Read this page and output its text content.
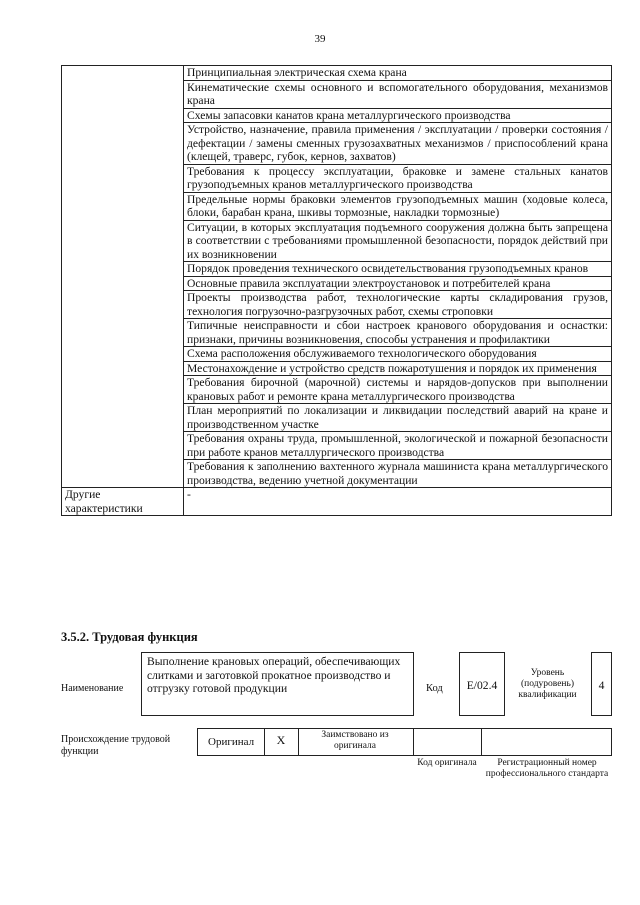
39
	Принципиальная электрическая схема крана
	Кинематические схемы основного и вспомогательного оборудования, механизмов крана
	Схемы запасовки канатов крана металлургического производства
	Устройство, назначение, правила применения / эксплуатации / проверки состояния / дефектации / замены сменных грузозахватных механизмов / приспособлений крана (клещей, траверс, губок, кернов, захватов)
	Требования к процессу эксплуатации, браковке и замене стальных канатов грузоподъемных кранов металлургического производства
	Предельные нормы браковки элементов грузоподъемных машин (ходовые колеса, блоки, барабан крана, шкивы тормозные, накладки тормозные)
	Ситуации, в которых эксплуатация подъемного сооружения должна быть запрещена в соответствии с требованиями промышленной безопасности, порядок действий при их возникновении
	Порядок проведения технического освидетельствования грузоподъемных кранов
	Основные правила эксплуатации электроустановок и потребителей крана
	Проекты производства работ, технологические карты складирования грузов, технология погрузочно-разгрузочных работ, схемы строповки
	Типичные неисправности и сбои настроек кранового оборудования и оснастки: признаки, причины возникновения, способы устранения и профилактики
	Схема расположения обслуживаемого технологического оборудования
	Местонахождение и устройство средств пожаротушения и порядок их применения
	Требования бирочной (марочной) системы и нарядов-допусков при выполнении крановых работ и ремонте крана металлургического производства
	План мероприятий по локализации и ликвидации последствий аварий на кране и производственном участке
	Требования охраны труда, промышленной, экологической и пожарной безопасности при работе кранов металлургического производства
	Требования к заполнению вахтенного журнала машиниста крана металлургического производства, ведению учетной документации
Другие характеристики	-
3.5.2. Трудовая функция
Наименование
Выполнение крановых операций, обеспечивающих слитками и заготовкой прокатное производство и отгрузку готовой продукции	Код	E/02.4
Уровень (подуровень) квалификации
4
Происхождение трудовой функции
Оригинал	X	Заимствовано из оригинала
Код оригинала	Регистрационный номер профессионального стандарта
